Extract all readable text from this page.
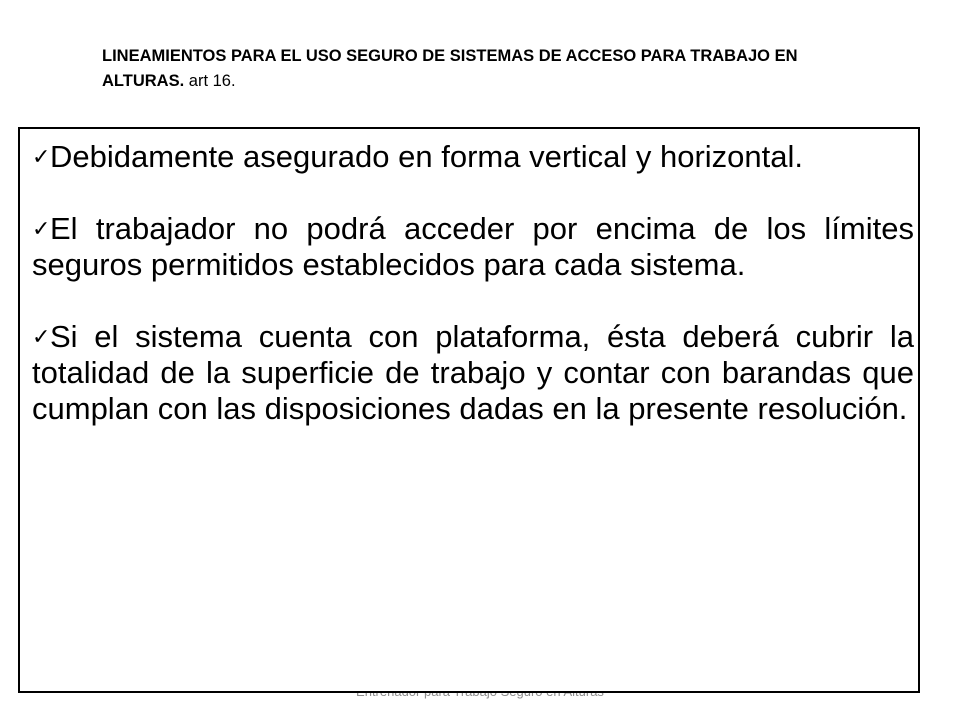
LINEAMIENTOS PARA EL USO SEGURO DE SISTEMAS DE ACCESO PARA TRABAJO EN ALTURAS. art 16.
✓Debidamente asegurado en forma vertical y horizontal.
✓El trabajador no podrá acceder por encima de los límites seguros permitidos establecidos para cada sistema.
✓Si el sistema cuenta con plataforma, ésta deberá cubrir la totalidad de la superficie de trabajo y contar con barandas que cumplan con las disposiciones dadas en la presente resolución.
